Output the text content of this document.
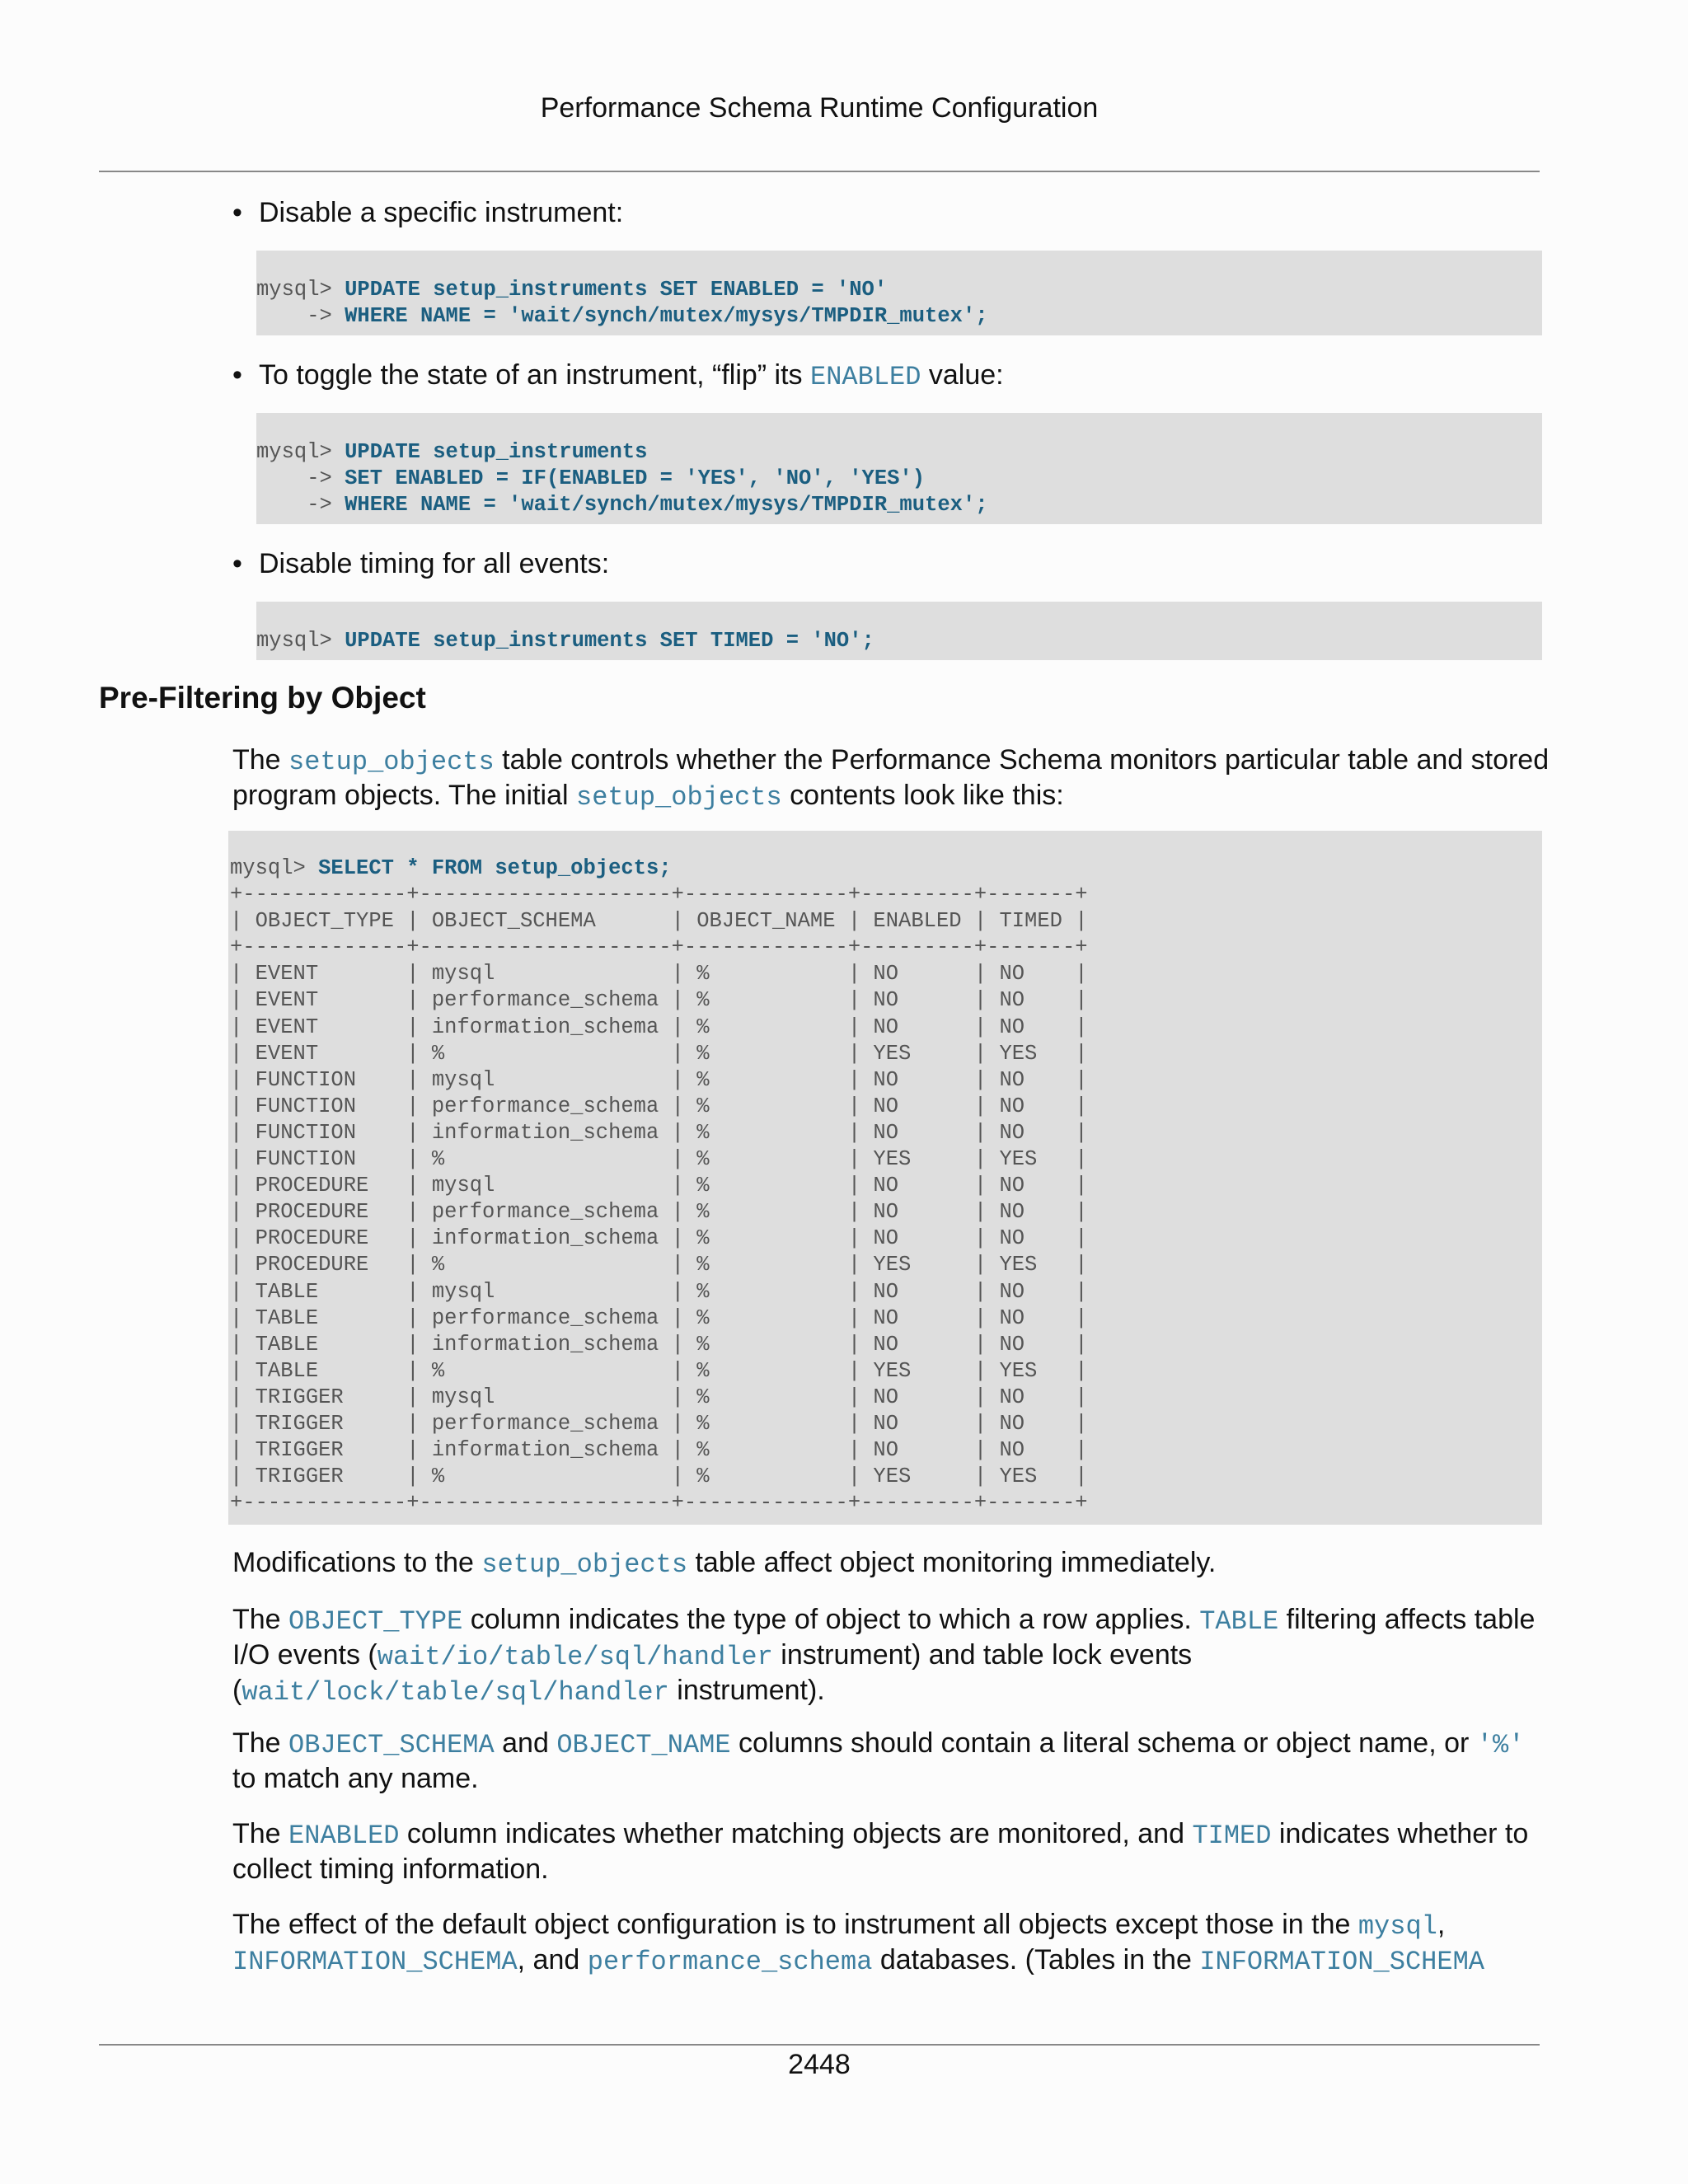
Performance Schema Runtime Configuration
• Disable a specific instrument:
mysql> UPDATE setup_instruments SET ENABLED = 'NO'
-> WHERE NAME = 'wait/synch/mutex/mysys/TMPDIR_mutex';
• To toggle the state of an instrument, “flip” its ENABLED value:
mysql> UPDATE setup_instruments
-> SET ENABLED = IF(ENABLED = 'YES', 'NO', 'YES')
-> WHERE NAME = 'wait/synch/mutex/mysys/TMPDIR_mutex';
• Disable timing for all events:
mysql> UPDATE setup_instruments SET TIMED = 'NO';
Pre-Filtering by Object
The setup_objects table controls whether the Performance Schema monitors particular table and stored program objects. The initial setup_objects contents look like this:
mysql> SELECT * FROM setup_objects;
+-------------+--------------------+-------------+---------+-------+
| OBJECT_TYPE | OBJECT_SCHEMA      | OBJECT_NAME | ENABLED | TIMED |
+-------------+--------------------+-------------+---------+-------+
| EVENT       | mysql              | %           | NO      | NO    |
| EVENT       | performance_schema | %           | NO      | NO    |
| EVENT       | information_schema | %           | NO      | NO    |
| EVENT       | %                  | %           | YES     | YES   |
| FUNCTION    | mysql              | %           | NO      | NO    |
| FUNCTION    | performance_schema | %           | NO      | NO    |
| FUNCTION    | information_schema | %           | NO      | NO    |
| FUNCTION    | %                  | %           | YES     | YES   |
| PROCEDURE   | mysql              | %           | NO      | NO    |
| PROCEDURE   | performance_schema | %           | NO      | NO    |
| PROCEDURE   | information_schema | %           | NO      | NO    |
| PROCEDURE   | %                  | %           | YES     | YES   |
| TABLE       | mysql              | %           | NO      | NO    |
| TABLE       | performance_schema | %           | NO      | NO    |
| TABLE       | information_schema | %           | NO      | NO    |
| TABLE       | %                  | %           | YES     | YES   |
| TRIGGER     | mysql              | %           | NO      | NO    |
| TRIGGER     | performance_schema | %           | NO      | NO    |
| TRIGGER     | information_schema | %           | NO      | NO    |
| TRIGGER     | %                  | %           | YES     | YES   |
+-------------+--------------------+-------------+---------+-------+
Modifications to the setup_objects table affect object monitoring immediately.
The OBJECT_TYPE column indicates the type of object to which a row applies. TABLE filtering affects table I/O events (wait/io/table/sql/handler instrument) and table lock events (wait/lock/table/sql/handler instrument).
The OBJECT_SCHEMA and OBJECT_NAME columns should contain a literal schema or object name, or '%' to match any name.
The ENABLED column indicates whether matching objects are monitored, and TIMED indicates whether to collect timing information.
The effect of the default object configuration is to instrument all objects except those in the mysql, INFORMATION_SCHEMA, and performance_schema databases. (Tables in the INFORMATION_SCHEMA
2448
